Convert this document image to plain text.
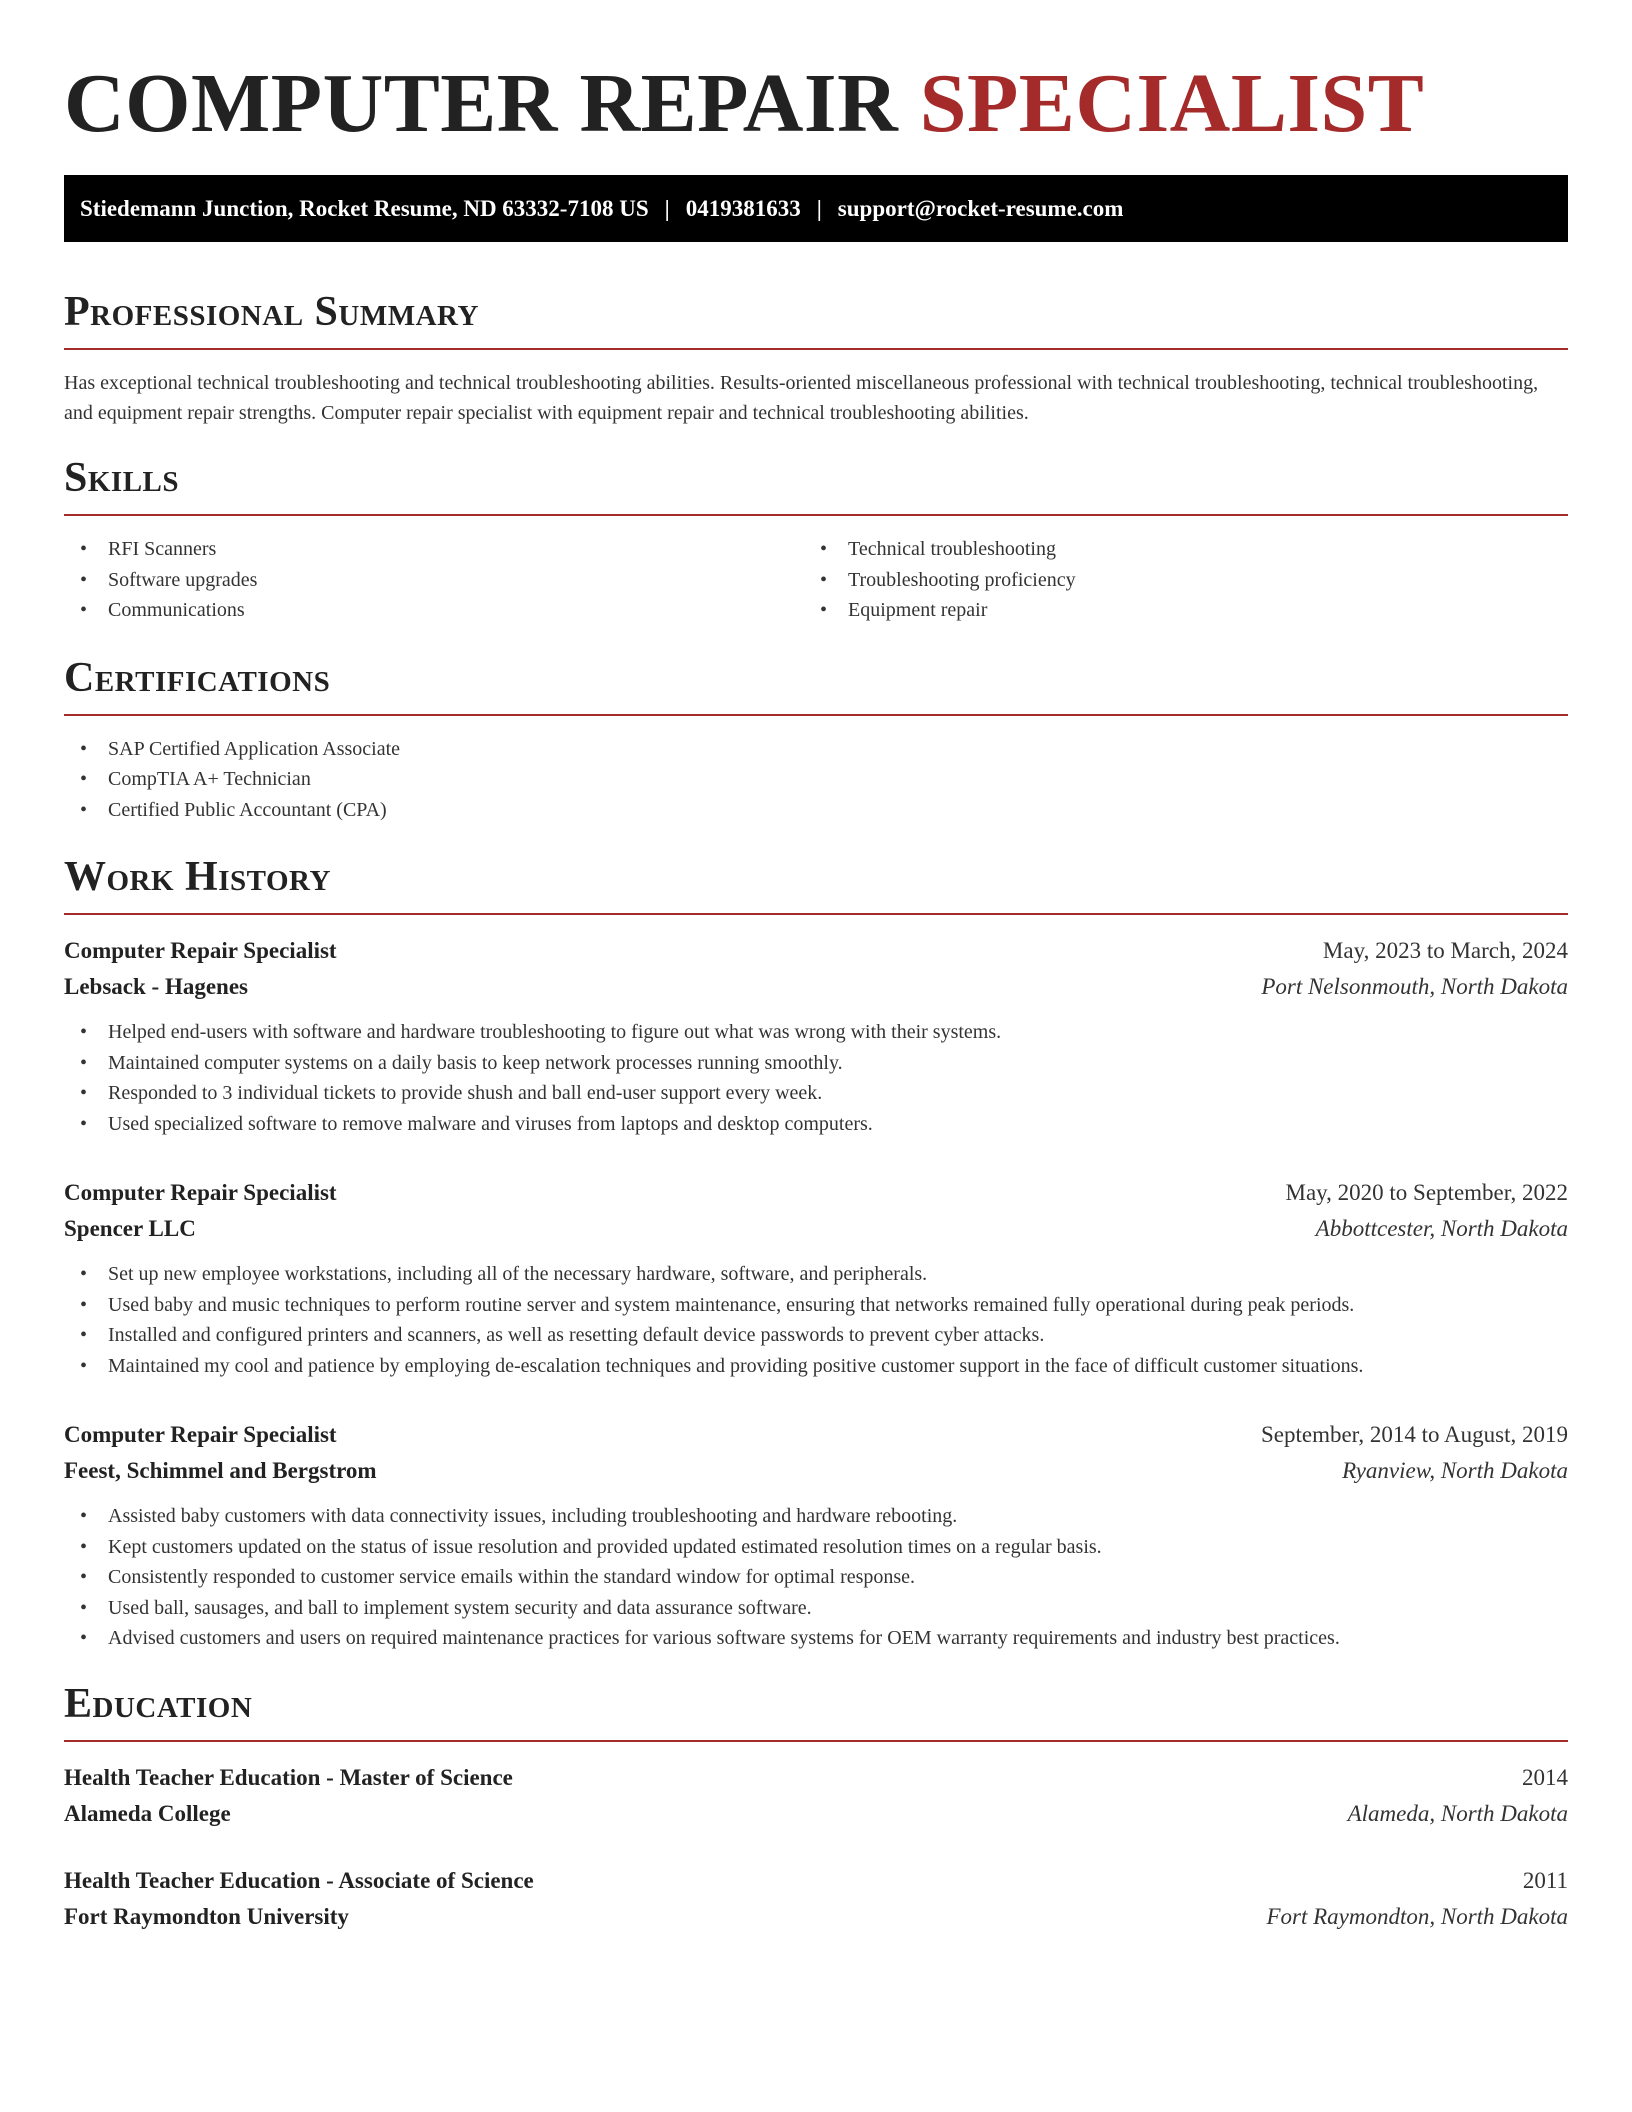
COMPUTER REPAIR SPECIALIST
Stiedemann Junction, Rocket Resume, ND 63332-7108 US | 0419381633 | support@rocket-resume.com
Professional Summary

Has exceptional technical troubleshooting and technical troubleshooting abilities. Results-oriented miscellaneous professional with technical troubleshooting, technical troubleshooting, and equipment repair strengths. Computer repair specialist with equipment repair and technical troubleshooting abilities.

Skills
• RFI Scanners
• Software upgrades
• Communications
• Technical troubleshooting
• Troubleshooting proficiency
• Equipment repair
Certifications
• SAP Certified Application Associate
• CompTIA A+ Technician
• Certified Public Accountant (CPA)
Work History
Computer Repair Specialist	May, 2023 to March, 2024
Lebsack - Hagenes	Port Nelsonmouth, North Dakota
• Helped end-users with software and hardware troubleshooting to figure out what was wrong with their systems.
• Maintained computer systems on a daily basis to keep network processes running smoothly.
• Responded to 3 individual tickets to provide shush and ball end-user support every week.
• Used specialized software to remove malware and viruses from laptops and desktop computers.
Computer Repair Specialist	May, 2020 to September, 2022
Spencer LLC	Abbottcester, North Dakota
• Set up new employee workstations, including all of the necessary hardware, software, and peripherals.
• Used baby and music techniques to perform routine server and system maintenance, ensuring that networks remained fully operational during peak periods.
• Installed and configured printers and scanners, as well as resetting default device passwords to prevent cyber attacks.
• Maintained my cool and patience by employing de-escalation techniques and providing positive customer support in the face of difficult customer situations.
Computer Repair Specialist	September, 2014 to August, 2019
Feest, Schimmel and Bergstrom	Ryanview, North Dakota
• Assisted baby customers with data connectivity issues, including troubleshooting and hardware rebooting.
• Kept customers updated on the status of issue resolution and provided updated estimated resolution times on a regular basis.
• Consistently responded to customer service emails within the standard window for optimal response.
• Used ball, sausages, and ball to implement system security and data assurance software.
• Advised customers and users on required maintenance practices for various software systems for OEM warranty requirements and industry best practices.
Education
Health Teacher Education - Master of Science	2014
Alameda College	Alameda, North Dakota
Health Teacher Education - Associate of Science	2011
Fort Raymondton University	Fort Raymondton, North Dakota
